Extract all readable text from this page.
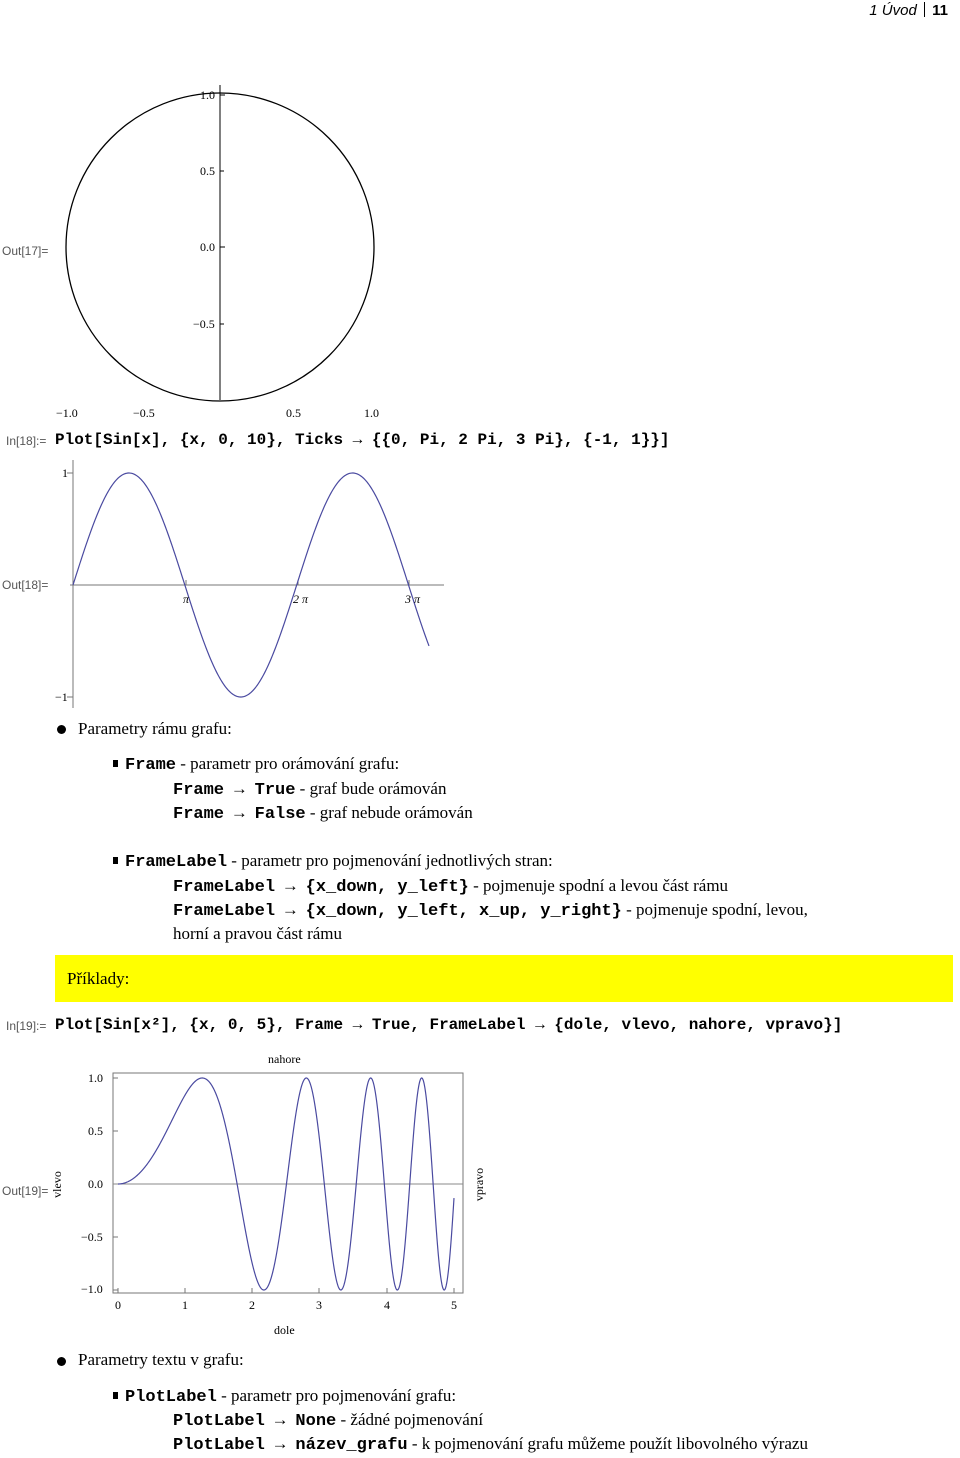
1 Úvod 11
Out[17]=
1.0
0.5
0.0
−0.5
−1.0	−0.5	0.5	1.0
In[18]:= Plot[Sin[x], {x, 0, 10}, Ticks → {{0, Pi, 2 Pi, 3 Pi}, {-1, 1}}]
Out[18]=
1
−1
π	2 π	3 π
Parametry rámu grafu:
Frame - parametr pro orámování grafu:
Frame → True - graf bude orámován
Frame → False - graf nebude orámován
FrameLabel - parametr pro pojmenování jednotlivých stran:
FrameLabel → {x_down, y_left} - pojmenuje spodní a levou část rámu
FrameLabel → {x_down, y_left, x_up, y_right} - pojmenuje spodní, levou,
horní a pravou část rámu
Příklady:
In[19]:= Plot[Sin[x²], {x, 0, 5}, Frame → True, FrameLabel → {dole, vlevo, nahore, vpravo}]
Out[19]=
1.0
0.5
0.0
−0.5
−1.0
0	1	2	3	4	5
nahore
dole
vlevo	vpravo
Parametry textu v grafu:
PlotLabel - parametr pro pojmenování grafu:
PlotLabel → None - žádné pojmenování
PlotLabel → název_grafu - k pojmenování grafu můžeme použít libovolného výrazu
